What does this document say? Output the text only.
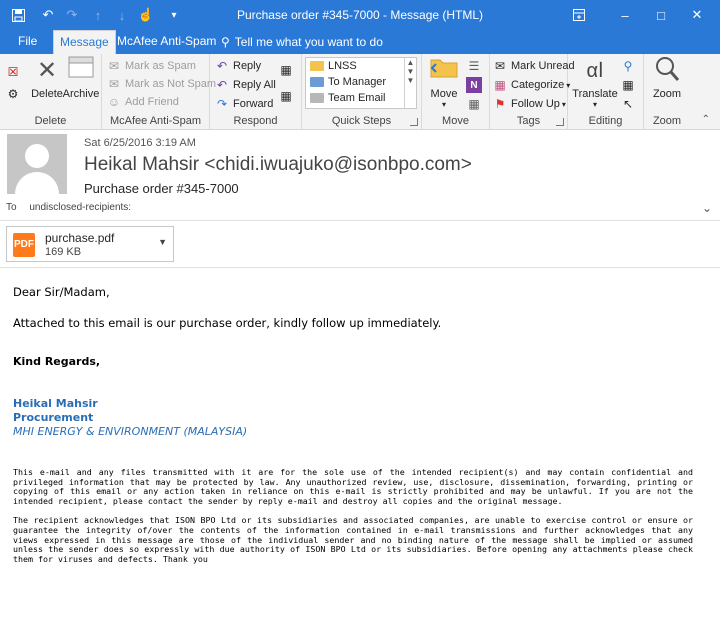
↶ ↷	↑	↓ ☝	▾	Purchase order #345-7000 - Message (HTML)	–	□	✕
File	Message McAfee Anti-Spam ⚲ Tell me what you want to do
☒
⚙
✕
Delete Archive
Delete
✉ Mark as Spam
✉ Mark as Not Spam
☺ Add Friend
McAfee Anti-Spam
↶ Reply
↶ Reply All
↷ Forward
▦
▦
Respond
LNSS
To Manager
Team Email
▲
▼
▼
Quick Steps
Move
▾
☰
N
▦
Move
✉ Mark Unread
▦ Categorize ▾
⚑ Follow Up ▾
Tags
αا
Translate
▾
⚲
▦
↖
Editing
Zoom
Zoom	⌃
Sat 6/25/2016 3:19 AM
Heikal Mahsir <chidi.iwuajuko@isonbpo.com>
Purchase order #345-7000
To undisclosed-recipients:	⌄
PDF purchase.pdf
169 KB
▼
Dear Sir/Madam,
Attached to this email is our purchase order, kindly follow up immediately.
Kind Regards,
Heikal Mahsir
Procurement
MHI ENERGY & ENVIRONMENT (MALAYSIA)
This e-mail and any files transmitted with it are for the sole use of the intended recipient(s) and may contain confidential and privileged information that may be protected by law. Any unauthorized review, use, disclosure, dissemination, forwarding, printing or copying of this email or any action taken in reliance on this e-mail is strictly prohibited and may be unlawful. If you are not the intended recipient, please contact the sender by reply e-mail and destroy all copies and the original message.
The recipient acknowledges that ISON BPO Ltd or its subsidiaries and associated companies, are unable to exercise control or ensure or guarantee the integrity of/over the contents of the information contained in e-mail transmissions and further acknowledges that any views expressed in this message are those of the individual sender and no binding nature of the message shall be implied or assumed unless the sender does so expressly with due authority of ISON BPO Ltd or its subsidiaries. Before opening any attachments please check them for viruses and defects. Thank you
